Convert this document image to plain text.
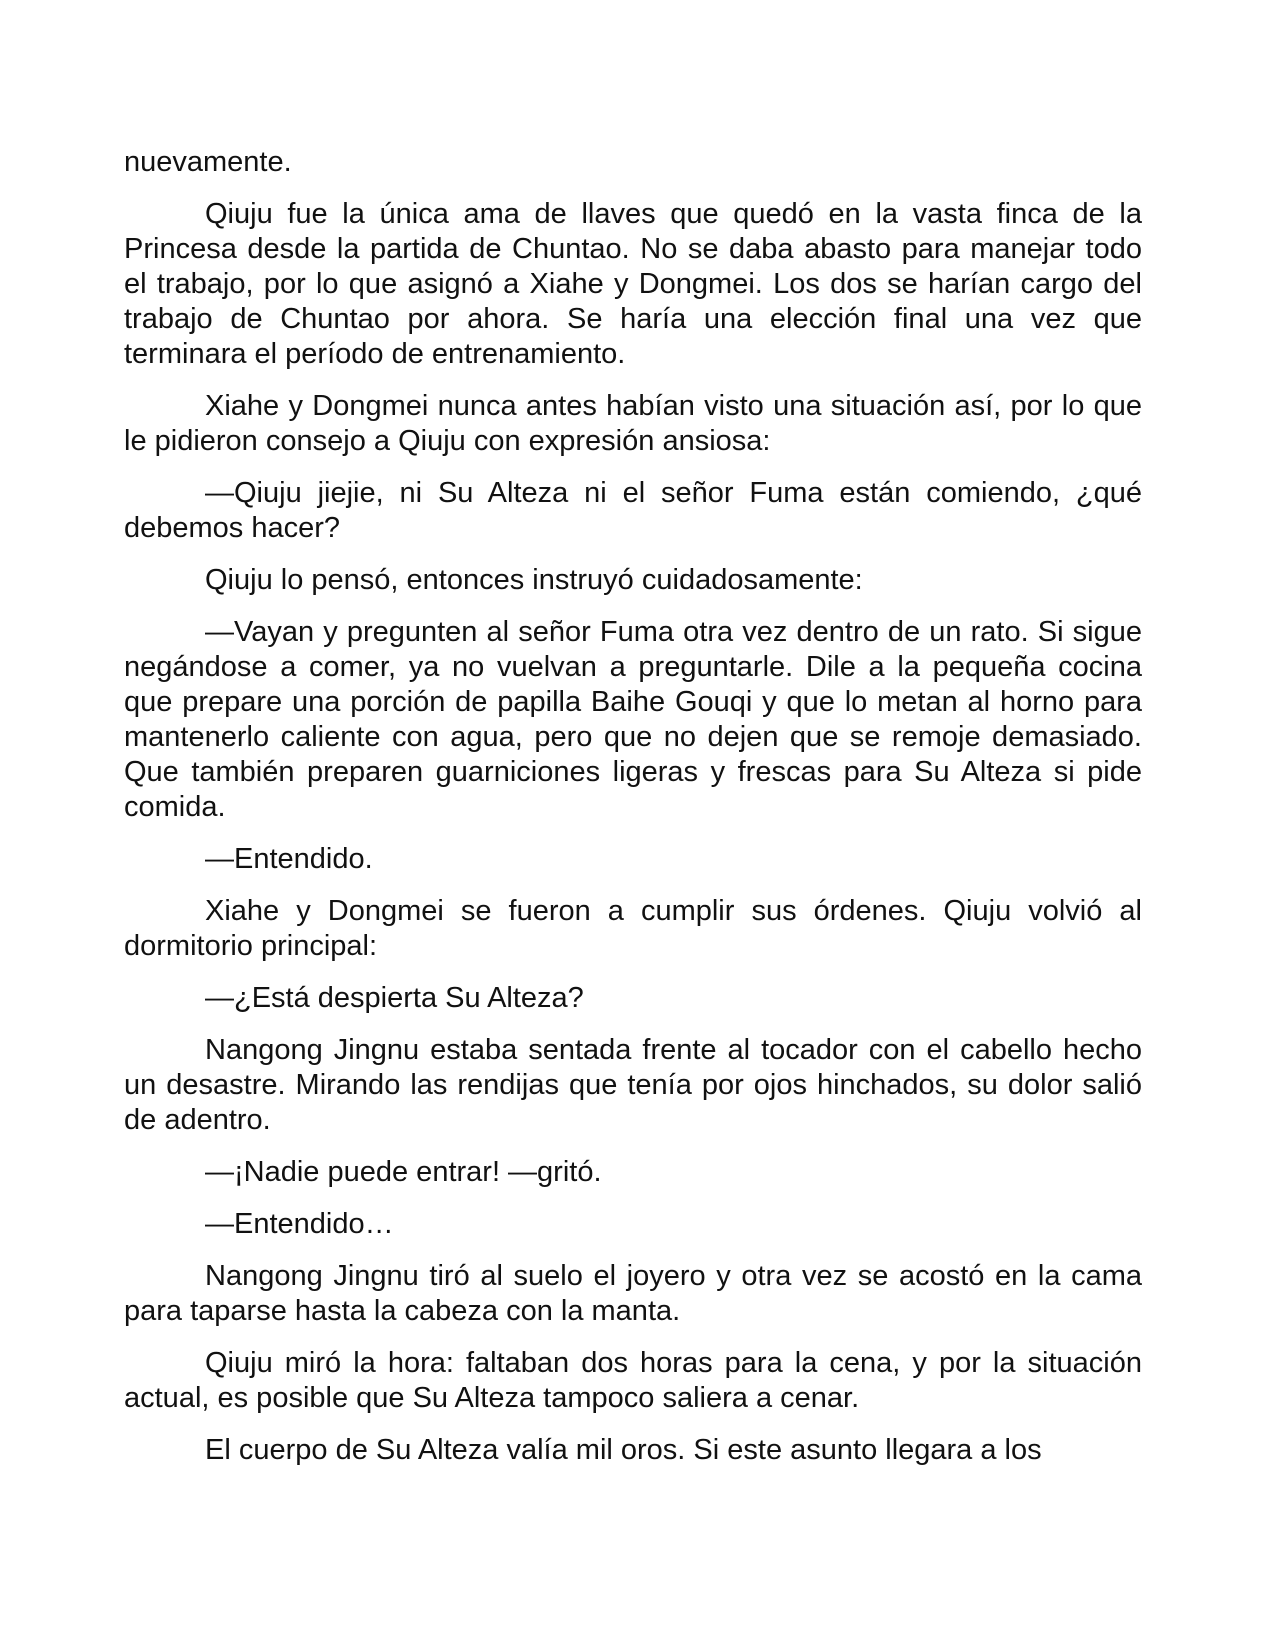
nuevamente.

Qiuju fue la única ama de llaves que quedó en la vasta finca de la Princesa desde la partida de Chuntao. No se daba abasto para manejar todo el trabajo, por lo que asignó a Xiahe y Dongmei. Los dos se harían cargo del trabajo de Chuntao por ahora. Se haría una elección final una vez que terminara el período de entrenamiento.

Xiahe y Dongmei nunca antes habían visto una situación así, por lo que le pidieron consejo a Qiuju con expresión ansiosa:

—Qiuju jiejie, ni Su Alteza ni el señor Fuma están comiendo, ¿qué debemos hacer?

Qiuju lo pensó, entonces instruyó cuidadosamente:

—Vayan y pregunten al señor Fuma otra vez dentro de un rato. Si sigue negándose a comer, ya no vuelvan a preguntarle. Dile a la pequeña cocina que prepare una porción de papilla Baihe Gouqi y que lo metan al horno para mantenerlo caliente con agua, pero que no dejen que se remoje demasiado. Que también preparen guarniciones ligeras y frescas para Su Alteza si pide comida.

—Entendido.

Xiahe y Dongmei se fueron a cumplir sus órdenes. Qiuju volvió al dormitorio principal:

—¿Está despierta Su Alteza?

Nangong Jingnu estaba sentada frente al tocador con el cabello hecho un desastre. Mirando las rendijas que tenía por ojos hinchados, su dolor salió de adentro.

—¡Nadie puede entrar! —gritó.

—Entendido…

Nangong Jingnu tiró al suelo el joyero y otra vez se acostó en la cama para taparse hasta la cabeza con la manta.

Qiuju miró la hora: faltaban dos horas para la cena, y por la situación actual, es posible que Su Alteza tampoco saliera a cenar.

El cuerpo de Su Alteza valía mil oros. Si este asunto llegara a los
